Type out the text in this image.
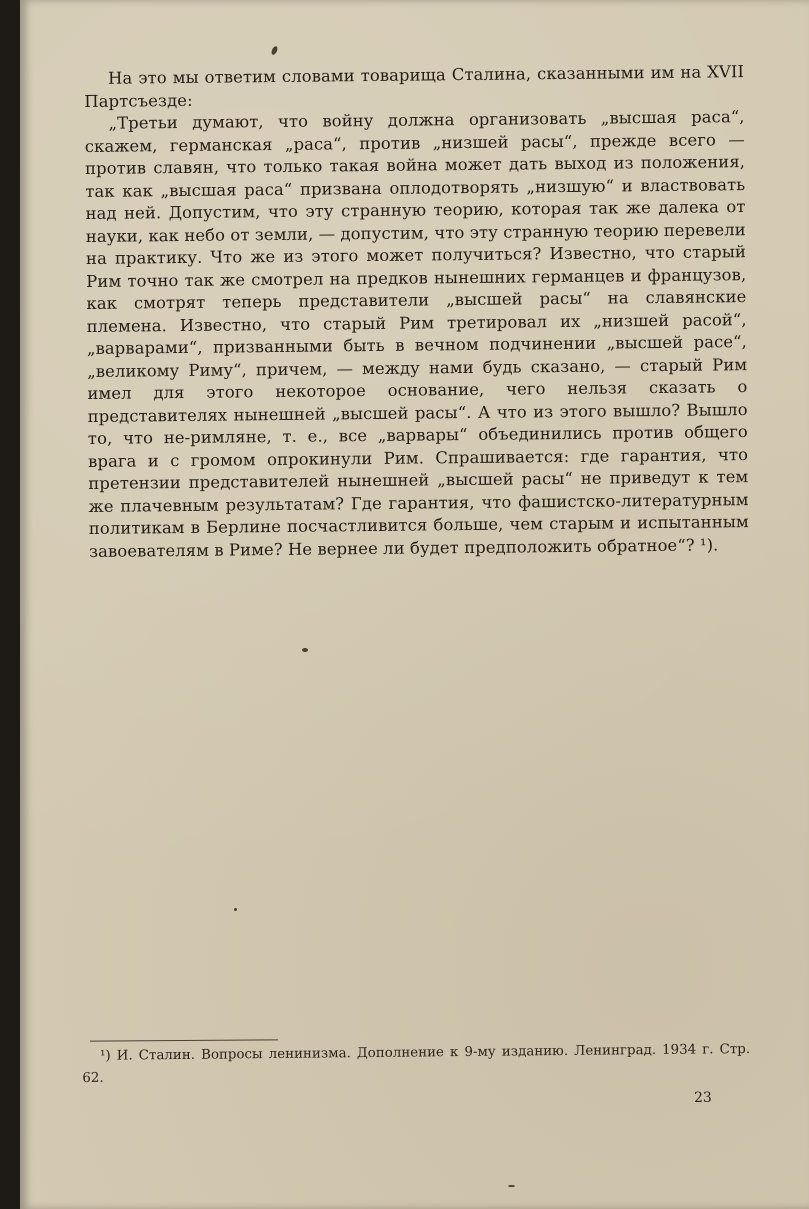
На это мы ответим словами товарища Сталина, сказанными им на XVII Партсъезде:

„Третьи думают, что войну должна организовать „высшая раса“, скажем, германская „раса“, против „низшей расы“, прежде всего — против славян, что только такая война может дать выход из положения, так как „высшая раса“ призвана оплодотворять „низшую“ и властвовать над ней. Допустим, что эту странную теорию, которая так же далека от науки, как небо от земли, — допустим, что эту странную теорию перевели на практику. Что же из этого может получиться? Известно, что старый Рим точно так же смотрел на предков нынешних германцев и французов, как смотрят теперь представители „высшей расы“ на славянские племена. Известно, что старый Рим третировал их „низшей расой“, „варварами“, призванными быть в вечном подчинении „высшей расе“, „великому Риму“, причем, — между нами будь сказано, — старый Рим имел для этого некоторое основание, чего нельзя сказать о представителях нынешней „высшей расы“. А что из этого вышло? Вышло то, что не-римляне, т. е., все „варвары“ объединились против общего врага и с громом опрокинули Рим. Спрашивается: где гарантия, что претензии представителей нынешней „высшей расы“ не приведут к тем же плачевным результатам? Где гарантия, что фашистско-литературным политикам в Берлине посчастливится больше, чем старым и испытанным завоевателям в Риме? Не вернее ли будет предположить обратное“? ¹).

¹) И. Сталин. Вопросы ленинизма. Дополнение к 9-му изданию. Ленинград. 1934 г. Стр. 62.
23
